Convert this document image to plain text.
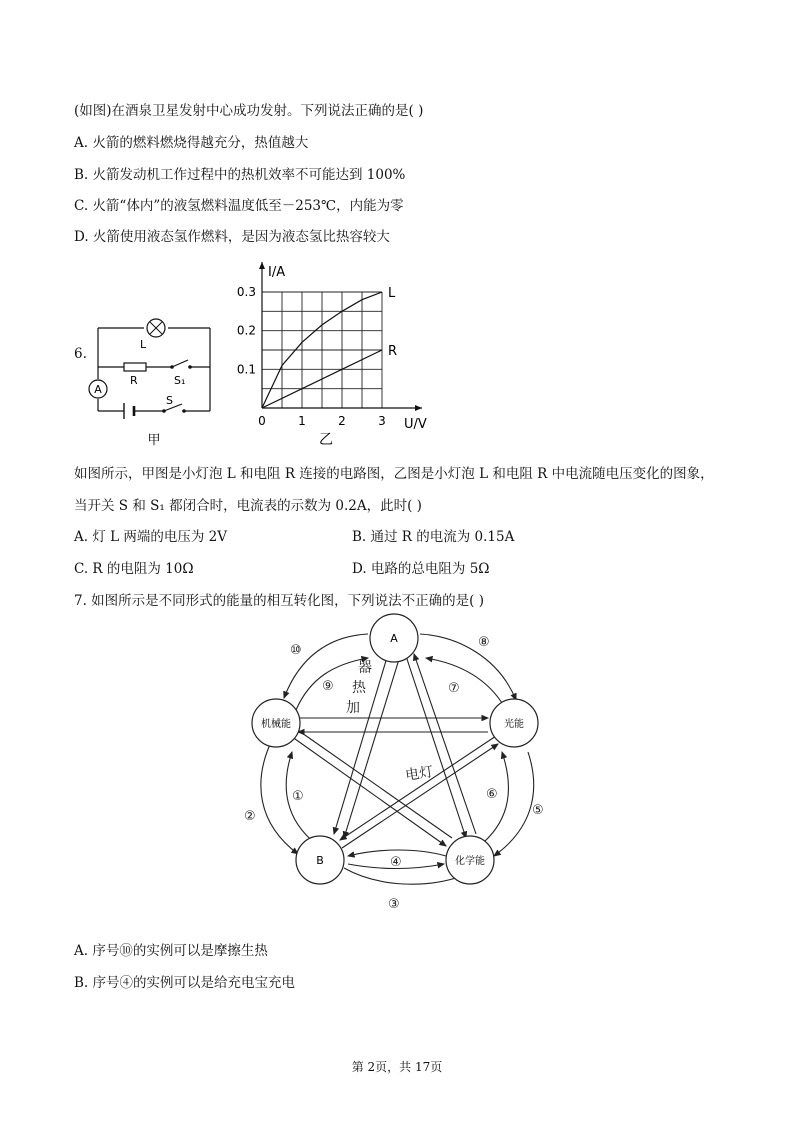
(如图)在酒泉卫星发射中心成功发射。下列说法正确的是( )
A. 火箭的燃料燃烧得越充分，热值越大
B. 火箭发动机工作过程中的热机效率不可能达到 100%
C. 火箭“体内”的液氢燃料温度低至－253℃，内能为零
D. 火箭使用液态氢作燃料，是因为液态氢比热容较大
6.
A
L
R	S₁
S
甲
I/A
U/V
0	1	2	3
0.1
0.2
0.3	L
R
乙
如图所示，甲图是小灯泡 L 和电阻 R 连接的电路图，乙图是小灯泡 L 和电阻 R 中电流随电压变化的图象，
当开关 S 和 S₁ 都闭合时，电流表的示数为 0.2A，此时( )
A. 灯 L 两端的电压为 2V	B. 通过 R 的电流为 0.15A
C. R 的电阻为 10Ω	D. 电路的总电阻为 5Ω
7. 如图所示是不同形式的能量的相互转化图，下列说法不正确的是( )
A
机械能	光能
B	化学能
⑩
⑨
⑧
⑦
⑥
⑤
④
③
②
①
器
热
加
电灯
A. 序号⑩的实例可以是摩擦生热
B. 序号④的实例可以是给充电宝充电
第 2页，共 17页
